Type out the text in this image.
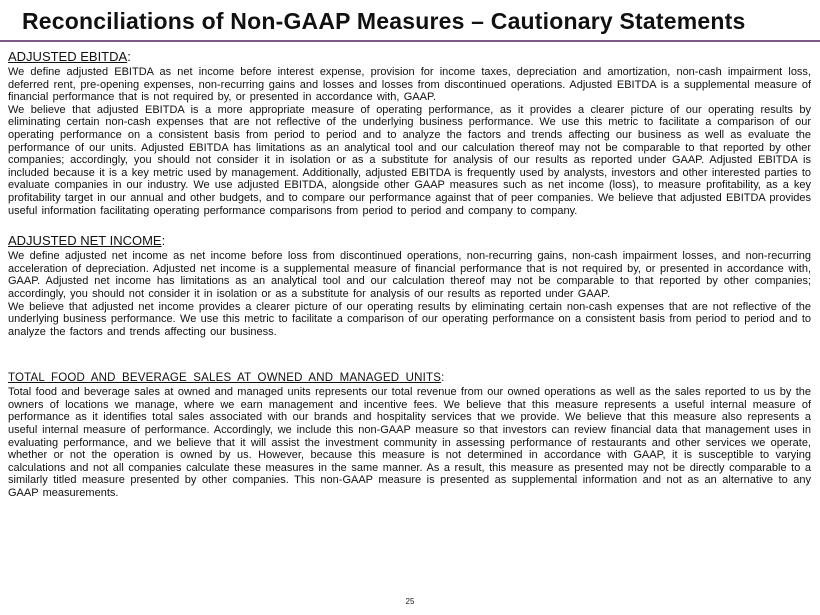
Reconciliations of Non-GAAP Measures – Cautionary Statements
ADJUSTED EBITDA:

We define adjusted EBITDA as net income before interest expense, provision for income taxes, depreciation and amortization, non-cash impairment loss, deferred rent, pre-opening expenses, non-recurring gains and losses and losses from discontinued operations. Adjusted EBITDA is a supplemental measure of financial performance that is not required by, or presented in accordance with, GAAP.

We believe that adjusted EBITDA is a more appropriate measure of operating performance, as it provides a clearer picture of our operating results by eliminating certain non-cash expenses that are not reflective of the underlying business performance. We use this metric to facilitate a comparison of our operating performance on a consistent basis from period to period and to analyze the factors and trends affecting our business as well as evaluate the performance of our units. Adjusted EBITDA has limitations as an analytical tool and our calculation thereof may not be comparable to that reported by other companies; accordingly, you should not consider it in isolation or as a substitute for analysis of our results as reported under GAAP. Adjusted EBITDA is included because it is a key metric used by management. Additionally, adjusted EBITDA is frequently used by analysts, investors and other interested parties to evaluate companies in our industry. We use adjusted EBITDA, alongside other GAAP measures such as net income (loss), to measure profitability, as a key profitability target in our annual and other budgets, and to compare our performance against that of peer companies. We believe that adjusted EBITDA provides useful information facilitating operating performance comparisons from period to period and company to company.

ADJUSTED NET INCOME:

We define adjusted net income as net income before loss from discontinued operations, non-recurring gains, non-cash impairment losses, and non-recurring acceleration of depreciation. Adjusted net income is a supplemental measure of financial performance that is not required by, or presented in accordance with, GAAP. Adjusted net income has limitations as an analytical tool and our calculation thereof may not be comparable to that reported by other companies; accordingly, you should not consider it in isolation or as a substitute for analysis of our results as reported under GAAP.

We believe that adjusted net income provides a clearer picture of our operating results by eliminating certain non-cash expenses that are not reflective of the underlying business performance. We use this metric to facilitate a comparison of our operating performance on a consistent basis from period to period and to analyze the factors and trends affecting our business.

TOTAL FOOD AND BEVERAGE SALES AT OWNED AND MANAGED UNITS:

Total food and beverage sales at owned and managed units represents our total revenue from our owned operations as well as the sales reported to us by the owners of locations we manage, where we earn management and incentive fees. We believe that this measure represents a useful internal measure of performance as it identifies total sales associated with our brands and hospitality services that we provide. We believe that this measure also represents a useful internal measure of performance. Accordingly, we include this non-GAAP measure so that investors can review financial data that management uses in evaluating performance, and we believe that it will assist the investment community in assessing performance of restaurants and other services we operate, whether or not the operation is owned by us. However, because this measure is not determined in accordance with GAAP, it is susceptible to varying calculations and not all companies calculate these measures in the same manner. As a result, this measure as presented may not be directly comparable to a similarly titled measure presented by other companies. This non-GAAP measure is presented as supplemental information and not as an alternative to any GAAP measurements.

25
